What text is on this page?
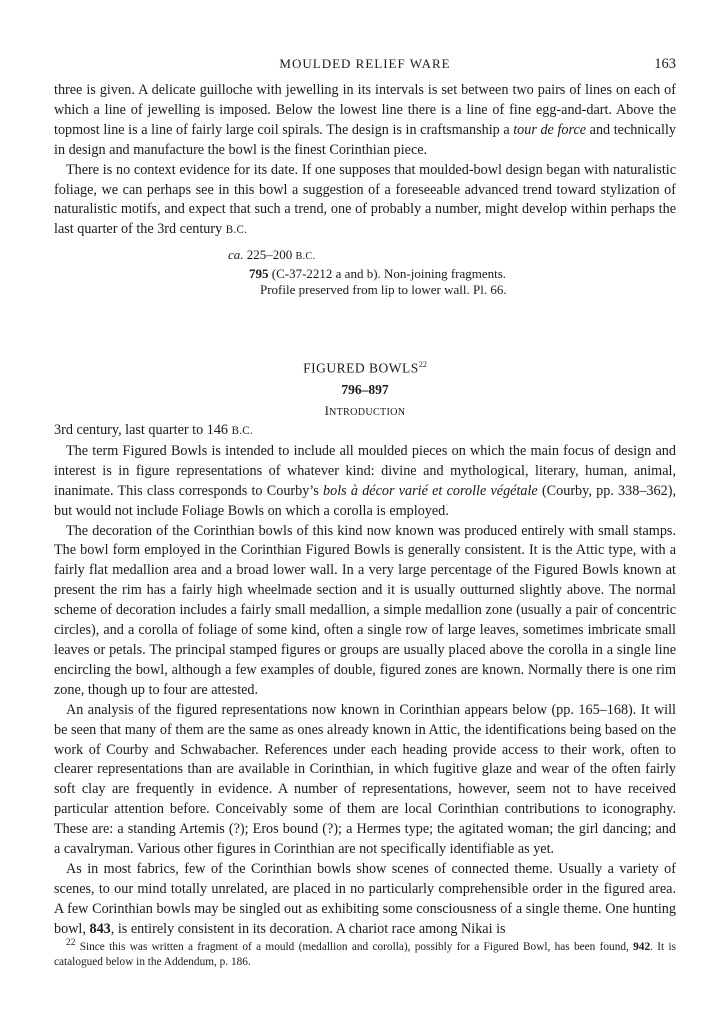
MOULDED RELIEF WARE	163

three is given. A delicate guilloche with jewelling in its intervals is set between two pairs of lines on each of which a line of jewelling is imposed. Below the lowest line there is a line of fine egg-and-dart. Above the topmost line is a line of fairly large coil spirals. The design is in craftsmanship a tour de force and technically in design and manufacture the bowl is the finest Corinthian piece.

There is no context evidence for its date. If one supposes that moulded-bowl design began with naturalistic foliage, we can perhaps see in this bowl a suggestion of a foreseeable advanced trend toward stylization of naturalistic motifs, and expect that such a trend, one of probably a number, might develop within perhaps the last quarter of the 3rd century B.C.

ca. 225–200 B.C.
795 (C-37-2212 a and b). Non-joining fragments.
Profile preserved from lip to lower wall. Pl. 66.
FIGURED BOWLS$^{22}$
796–897
INTRODUCTION

3rd century, last quarter to 146 B.C.

The term Figured Bowls is intended to include all moulded pieces on which the main focus of design and interest is in figure representations of whatever kind: divine and mythological, literary, human, animal, inanimate. This class corresponds to Courby’s bols à décor varié et corolle végétale (Courby, pp. 338–362), but would not include Foliage Bowls on which a corolla is employed.

The decoration of the Corinthian bowls of this kind now known was produced entirely with small stamps. The bowl form employed in the Corinthian Figured Bowls is generally consistent. It is the Attic type, with a fairly flat medallion area and a broad lower wall. In a very large percentage of the Figured Bowls known at present the rim has a fairly high wheelmade section and it is usually outturned slightly above. The normal scheme of decoration includes a fairly small medallion, a simple medallion zone (usually a pair of concentric circles), and a corolla of foliage of some kind, often a single row of large leaves, sometimes imbricate small leaves or petals. The principal stamped figures or groups are usually placed above the corolla in a single line encircling the bowl, although a few examples of double, figured zones are known. Normally there is one rim zone, though up to four are attested.

An analysis of the figured representations now known in Corinthian appears below (pp. 165–168). It will be seen that many of them are the same as ones already known in Attic, the identifications being based on the work of Courby and Schwabacher. References under each heading provide access to their work, often to clearer representations than are available in Corinthian, in which fugitive glaze and wear of the often fairly soft clay are frequently in evidence. A number of representations, however, seem not to have received particular attention before. Conceivably some of them are local Corinthian contributions to iconography. These are: a standing Artemis (?); Eros bound (?); a Hermes type; the agitated woman; the girl dancing; and a cavalryman. Various other figures in Corinthian are not specifically identifiable as yet.

As in most fabrics, few of the Corinthian bowls show scenes of connected theme. Usually a variety of scenes, to our mind totally unrelated, are placed in no particularly comprehensible order in the figured area. A few Corinthian bowls may be singled out as exhibiting some consciousness of a single theme. One hunting bowl, 843, is entirely consistent in its decoration. A chariot race among Nikai is

$^{22}$ Since this was written a fragment of a mould (medallion and corolla), possibly for a Figured Bowl, has been found, 942. It is catalogued below in the Addendum, p. 186.
